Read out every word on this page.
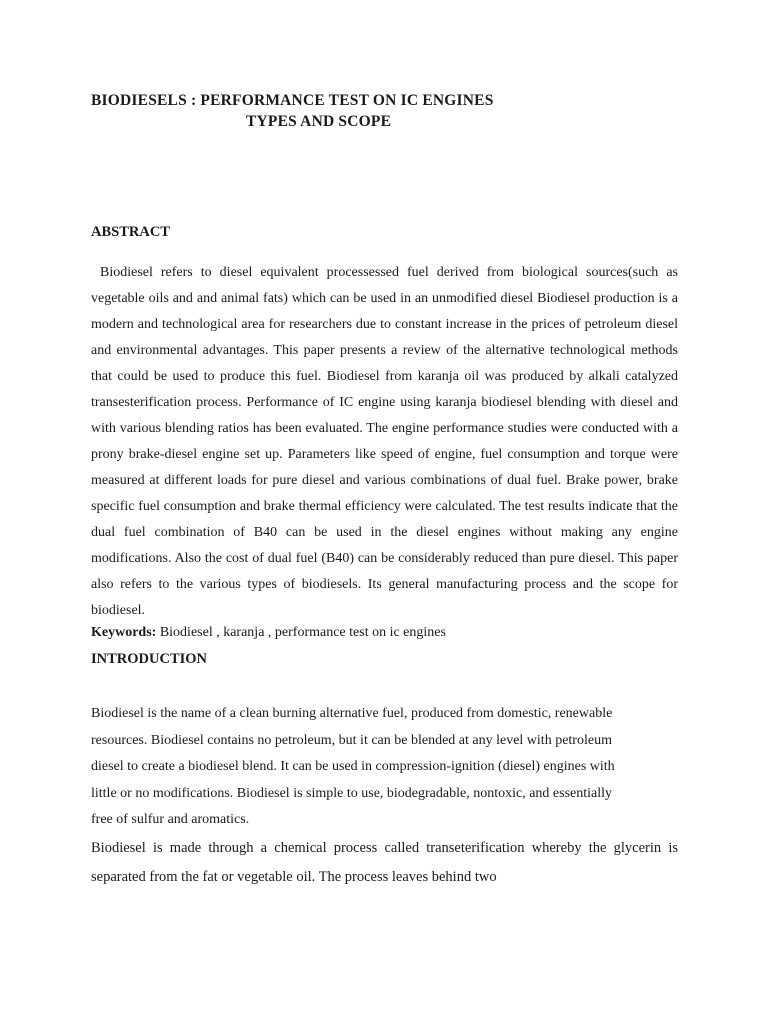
BIODIESELS : PERFORMANCE TEST ON IC ENGINES
TYPES AND SCOPE
ABSTRACT
Biodiesel refers to diesel equivalent processessed fuel derived from biological sources(such as vegetable oils and and animal fats) which can be used in an unmodified diesel Biodiesel production is a modern and technological area for researchers due to constant increase in the prices of petroleum diesel and environmental advantages. This paper presents a review of the alternative technological methods that could be used to produce this fuel. Biodiesel from karanja oil was produced by alkali catalyzed transesterification process. Performance of IC engine using karanja biodiesel blending with diesel and with various blending ratios has been evaluated. The engine performance studies were conducted with a prony brake-diesel engine set up. Parameters like speed of engine, fuel consumption and torque were measured at different loads for pure diesel and various combinations of dual fuel. Brake power, brake specific fuel consumption and brake thermal efficiency were calculated. The test results indicate that the dual fuel combination of B40 can be used in the diesel engines without making any engine modifications. Also the cost of dual fuel (B40) can be considerably reduced than pure diesel. This paper also refers to the various types of biodiesels. Its general manufacturing process and the scope for biodiesel.
Keywords: Biodiesel , karanja , performance test on ic engines
INTRODUCTION
Biodiesel is the name of a clean burning alternative fuel, produced from domestic, renewable resources. Biodiesel contains no petroleum, but it can be blended at any level with petroleum diesel to create a biodiesel blend. It can be used in compression-ignition (diesel) engines with little or no modifications. Biodiesel is simple to use, biodegradable, nontoxic, and essentially free of sulfur and aromatics.
Biodiesel is made through a chemical process called transeterification whereby the glycerin is separated from the fat or vegetable oil. The process leaves behind two
